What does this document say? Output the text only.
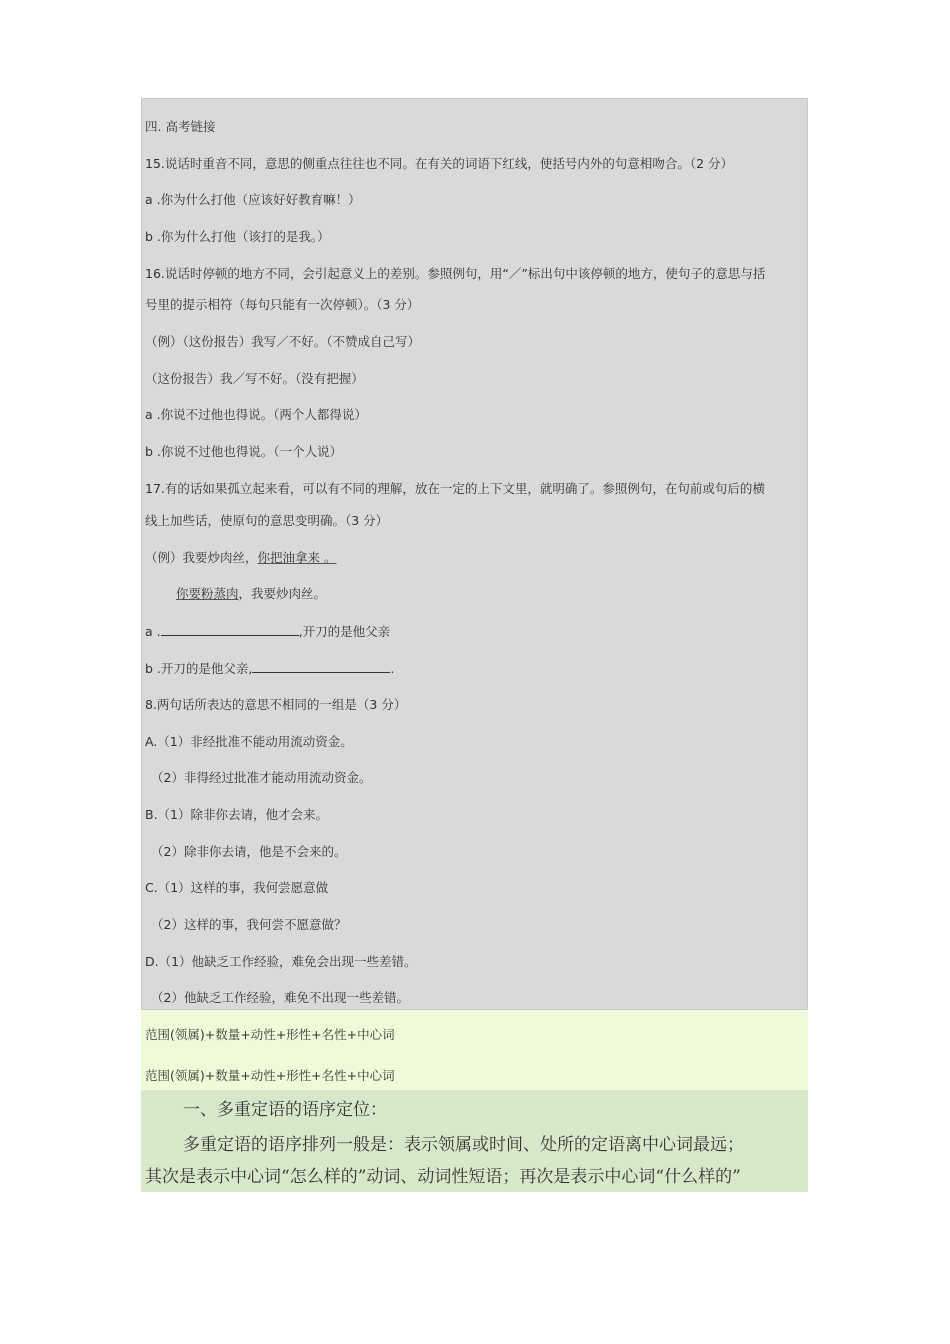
四. 高考链接
15.说话时重音不同，意思的侧重点往往也不同。在有关的词语下红线，使括号内外的句意相吻合。（2 分）
a .你为什么打他（应该好好教育嘛！）
b .你为什么打他（该打的是我。）
16.说话时停顿的地方不同，会引起意义上的差别。参照例句，用“／”标出句中该停顿的地方，使句子的意思与括
号里的提示相符（每句只能有一次停顿）。（3 分）
（例）（这份报告）我写／不好。（不赞成自己写）
（这份报告）我／写不好。（没有把握）
a .你说不过他也得说。（两个人都得说）
b .你说不过他也得说。（一个人说）
17.有的话如果孤立起来看，可以有不同的理解，放在一定的上下文里，就明确了。参照例句，在句前或句后的横
线上加些话，使原句的意思变明确。（3 分）
（例）我要炒肉丝，你把油拿来 。
你要粉蒸肉，我要炒肉丝。
a .	,开刀的是他父亲
b .开刀的是他父亲,	.
8.两句话所表达的意思不相同的一组是（3 分）
A.（1）非经批准不能动用流动资金。
（2）非得经过批准才能动用流动资金。
B.（1）除非你去请，他才会来。
（2）除非你去请，他是不会来的。
C.（1）这样的事，我何尝愿意做
（2）这样的事，我何尝不愿意做？
D.（1）他缺乏工作经验，难免会出现一些差错。
（2）他缺乏工作经验，难免不出现一些差错。
范围(领属)+数量+动性+形性+名性+中心词
范围(领属)+数量+动性+形性+名性+中心词
一、多重定语的语序定位：
多重定语的语序排列一般是：表示领属或时间、处所的定语离中心词最远；
其次是表示中心词“怎么样的”动词、动词性短语；再次是表示中心词“什么样的”
